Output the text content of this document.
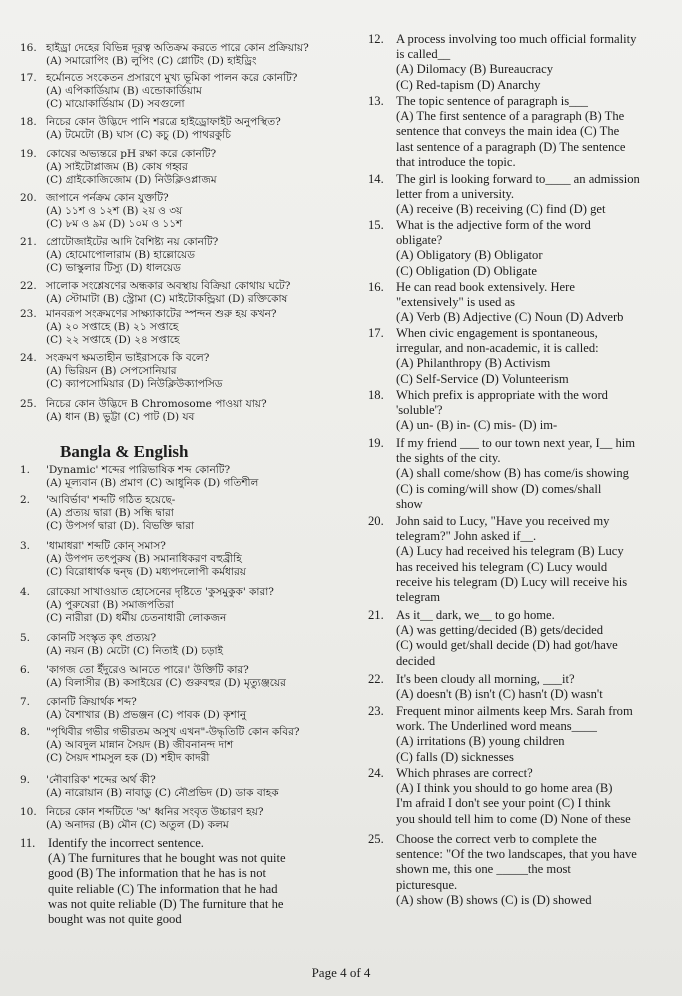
16. হাইড্রা দেহের বিভিন্ন দূরত্ব অতিক্রম করতে পারে কোন প্রক্রিয়ায়?
(A) সমারোপিং (B) লুপিং (C) গ্লোটিং (D) হাইড্রিং
17. হর্মোনতে সংকেতন প্রসারণে মুখ্য ভূমিকা পালন করে কোনটি?
(A) এপিকার্ডিয়াম (B) এন্ডোকার্ডিয়াম
(C) মায়োকার্ডিয়াম (D) সবগুলো
18. নিচের কোন উদ্ভিদে পানি শরত্রে হাইড্রোফাইট অনুপস্থিত?
(A) টমেটো (B) ঘাস (C) কচু (D) পাথরকুচি
19. কোষের অভ্যন্তরে pH রক্ষা করে কোনটি?
(A) সাইটোপ্লাজম (B) কোষ গহ্বর
(C) গ্রাইকোজিজোম (D) নিউক্লিওপ্লাজম
20. জাপানে পর্নক্রম কোন যুক্তটি?
(A) ১১শ ও ১২শ (B) ২য় ও ৩য়
(C) ৮ম ও ৯ম (D) ১০ম ও ১১শ
21. প্রোটোজাইটের আদি বৈশিষ্ট্য নয় কোনটি?
(A) হোমোপোলারাম (B) হাল্লোয়েড
(C) ভাস্কুলার টিস্যু (D) ধালয়েড
22. সালোক সংশ্লেষণের অন্ধকার অবস্থায় বিক্রিয়া কোথায় ঘটে?
(A) স্টোমাটা (B) স্ট্রোমা (C) মাইটোকন্ড্রিয়া (D) রক্তিকোষ
23. মানবরূপ সংক্রমণের সাক্ষ্যাকাটের স্পন্দন শুরু হয় কখন?
(A) ২০ সপ্তাহে (B) ২১ সপ্তাহে
(C) ২২ সপ্তাহে (D) ২৪ সপ্তাহে
24. সংক্রমণ ক্ষমতাহীন ভাইরাসকে কি বলে?
(A) ভিরিয়ন (B) সেপসোনিয়ার
(C) ক্যাপসোমিয়ার (D) নিউক্লিউক্যাপসিড
25. নিচের কোন উদ্ভিদে B Chromosome পাওয়া যায়?
(A) ধান (B) ভুট্টা (C) পাট (D) যব
Bangla & English
1. 'Dynamic' শব্দের পারিভাষিক শব্দ কোনটি?
(A) মূল্যবান (B) প্রমাণ (C) আধুনিক (D) গতিশীল
2. 'আবির্ভাব' শব্দটি গঠিত হয়েছে-
(A) প্রত্যয় দ্বারা (B) সন্ধি দ্বারা
(C) উপসর্গ দ্বারা (D). বিভক্তি দ্বারা
3. 'ধামাধরা' শব্দটি কোন্ সমাস?
(A) উপপদ তৎপুরুষ (B) সমানাধিকরণ বহুব্রীহি
(C) বিরোধার্থক দ্বন্দ্ব (D) মধ্যপদলোপী কর্মধারয়
4. রোকেয়া সাখাওয়াত হোসেনের দৃষ্টিতে 'কুসমুকুক' কারা?
(A) পুরুষেরা (B) সমাজপতিরা
(C) নারীরা (D) ধর্মীয় চেতনাধারী লোকজন
5. কোনটি সংস্কৃত কৃৎ প্রত্যয়?
(A) নয়ন (B) মেটো (C) নিতাই (D) চড়াই
6. 'কাগজ তো ইঁদুরেও আনতে পারে।' উক্তিটি কার?
(A) বিলাসীর (B) কসাইয়ের (C) গুরুবহুর (D) মৃত্যুঞ্জয়ের
7. কোনটি ক্রিয়ার্থক শব্দ?
(A) বৈশাখার (B) প্রভঞ্জন (C) পাবক (D) কৃশানু
8. "পৃথিবীর গভীর গভীরতম অসুখ এখন"-উদ্ধৃতিটি কোন কবির?
(A) আবদুল মান্নান সৈয়দ (B) জীবনানন্দ দাশ
(C) সৈয়দ শামসুল হক (D) শহীদ কাদরী
9. 'নৌবারিক' শব্দের অর্থ কী?
(A) নারোয়ান (B) নাবাডু (C) নৌপ্রভিদ (D) ডাক বাহক
10. নিচের কোন শব্দটিতে 'অ' ধ্বনির সংবৃত উচ্চারণ হয়?
(A) অনাদর (B) মৌন (C) অতুল (D) কলম
11. Identify the incorrect sentence.
(A) The furnitures that he bought was not quite
good (B) The information that he has is not
quite reliable (C) The information that he had
was not quite reliable (D) The furniture that he
bought was not quite good
12. A process involving too much official formality
is called__
(A) Dilomacy (B) Bureaucracy
(C) Red-tapism (D) Anarchy
13. The topic sentence of paragraph is___
(A) The first sentence of a paragraph (B) The
sentence that conveys the main idea (C) The
last sentence of a paragraph (D) The sentence
that introduce the topic.
14. The girl is looking forward to____ an admission
letter from a university.
(A) receive (B) receiving (C) find (D) get
15. What is the adjective form of the word
obligate?
(A) Obligatory (B) Obligator
(C) Obligation (D) Obligate
16. He can read book extensively. Here
"extensively" is used as
(A) Verb (B) Adjective (C) Noun (D) Adverb
17. When civic engagement is spontaneous,
irregular, and non-academic, it is called:
(A) Philanthropy (B) Activism
(C) Self-Service (D) Volunteerism
18. Which prefix is appropriate with the word
'soluble'?
(A) un- (B) in- (C) mis- (D) im-
19. If my friend ___ to our town next year, I__ him
the sights of the city.
(A) shall come/show (B) has come/is showing
(C) is coming/will show (D) comes/shall
show
20. John said to Lucy, "Have you received my
telegram?" John asked if__.
(A) Lucy had received his telegram (B) Lucy
has received his telegram (C) Lucy would
receive his telegram (D) Lucy will receive his
telegram
21. As it__ dark, we__ to go home.
(A) was getting/decided (B) gets/decided
(C) would get/shall decide (D) had got/have
decided
22. It's been cloudy all morning, ___it?
(A) doesn't (B) isn't (C) hasn't (D) wasn't
23. Frequent minor ailments keep Mrs. Sarah from
work. The Underlined word means____
(A) irritations (B) young children
(C) falls (D) sicknesses
24. Which phrases are correct?
(A) I think you should to go home area (B)
I'm afraid I don't see your point (C) I think
you should tell him to come (D) None of these
25. Choose the correct verb to complete the
sentence: "Of the two landscapes, that you have
shown me, this one _____the most
picturesque.
(A) show (B) shows (C) is (D) showed
Page 4 of 4
